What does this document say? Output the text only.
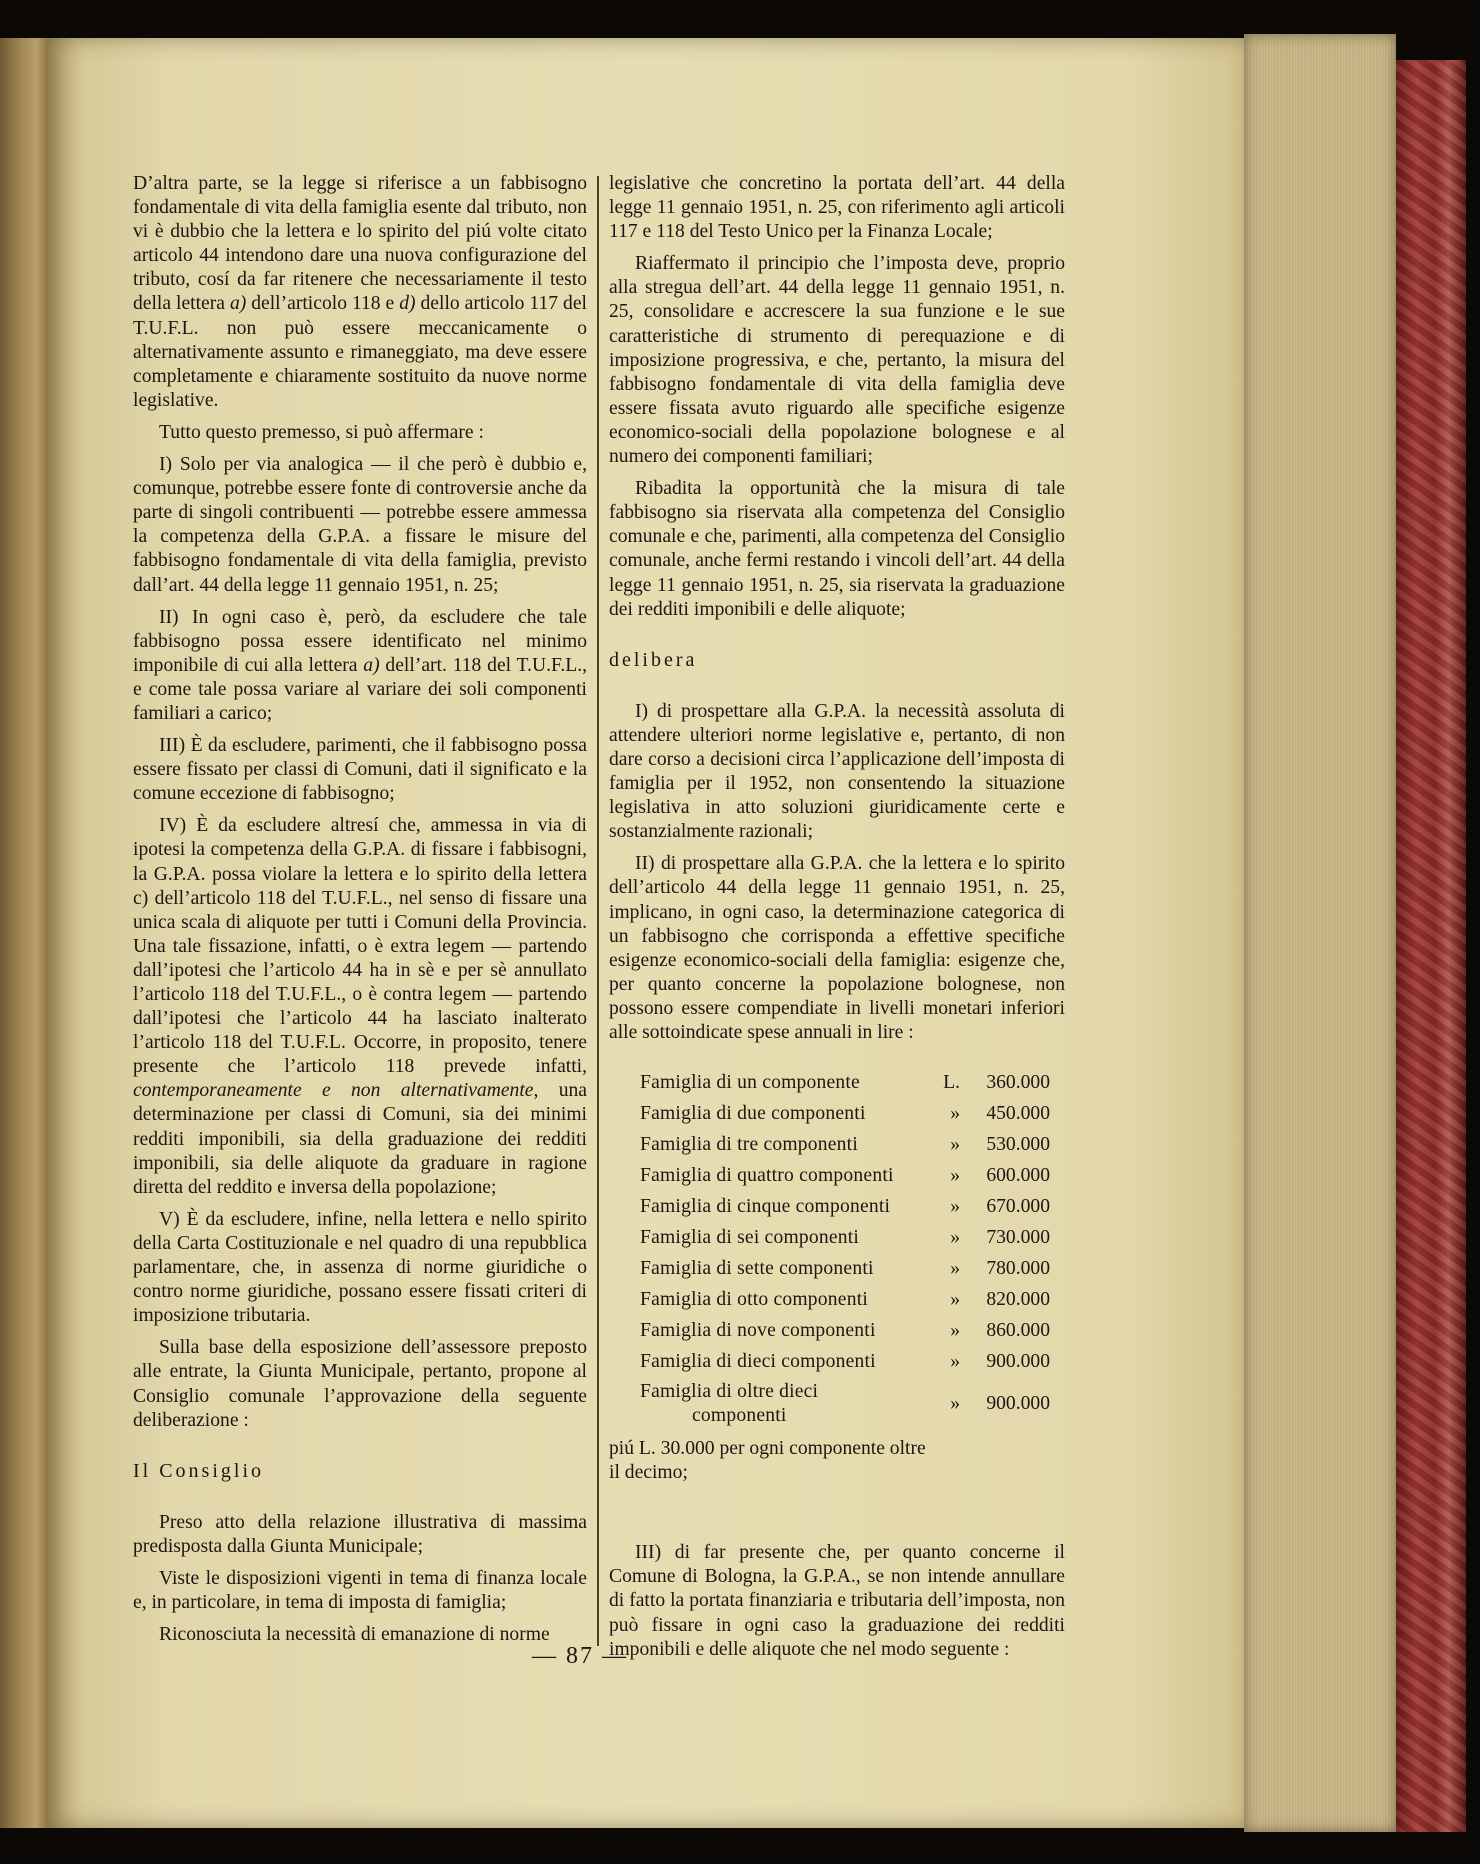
D’altra parte, se la legge si riferisce a un fabbisogno fondamentale di vita della famiglia esente dal tributo, non vi è dubbio che la lettera e lo spirito del piú volte citato articolo 44 intendono dare una nuova configurazione del tributo, cosí da far ritenere che necessariamente il testo della lettera a) dell’articolo 118 e d) dello articolo 117 del T.U.F.L. non può essere meccanicamente o alternativamente assunto e rimaneggiato, ma deve essere completamente e chiaramente sostituito da nuove norme legislative.

Tutto questo premesso, si può affermare :

I) Solo per via analogica — il che però è dubbio e, comunque, potrebbe essere fonte di controversie anche da parte di singoli contribuenti — potrebbe essere ammessa la competenza della G.P.A. a fissare le misure del fabbisogno fondamentale di vita della famiglia, previsto dall’art. 44 della legge 11 gennaio 1951, n. 25;

II) In ogni caso è, però, da escludere che tale fabbisogno possa essere identificato nel minimo imponibile di cui alla lettera a) dell’art. 118 del T.U.F.L., e come tale possa variare al variare dei soli componenti familiari a carico;

III) È da escludere, parimenti, che il fabbisogno possa essere fissato per classi di Comuni, dati il significato e la comune eccezione di fabbisogno;

IV) È da escludere altresí che, ammessa in via di ipotesi la competenza della G.P.A. di fissare i fabbisogni, la G.P.A. possa violare la lettera e lo spirito della lettera c) dell’articolo 118 del T.U.F.L., nel senso di fissare una unica scala di aliquote per tutti i Comuni della Provincia. Una tale fissazione, infatti, o è extra legem — partendo dall’ipotesi che l’articolo 44 ha in sè e per sè annullato l’articolo 118 del T.U.F.L., o è contra legem — partendo dall’ipotesi che l’articolo 44 ha lasciato inalterato l’articolo 118 del T.U.F.L. Occorre, in proposito, tenere presente che l’articolo 118 prevede infatti, contemporaneamente e non alternativamente, una determinazione per classi di Comuni, sia dei minimi redditi imponibili, sia della graduazione dei redditi imponibili, sia delle aliquote da graduare in ragione diretta del reddito e inversa della popolazione;

V) È da escludere, infine, nella lettera e nello spirito della Carta Costituzionale e nel quadro di una repubblica parlamentare, che, in assenza di norme giuridiche o contro norme giuridiche, possano essere fissati criteri di imposizione tributaria.

Sulla base della esposizione dell’assessore preposto alle entrate, la Giunta Municipale, pertanto, propone al Consiglio comunale l’approvazione della seguente deliberazione :

Il Consiglio

Preso atto della relazione illustrativa di massima predisposta dalla Giunta Municipale;

Viste le disposizioni vigenti in tema di finanza locale e, in particolare, in tema di imposta di famiglia;

Riconosciuta la necessità di emanazione di norme

legislative che concretino la portata dell’art. 44 della legge 11 gennaio 1951, n. 25, con riferimento agli articoli 117 e 118 del Testo Unico per la Finanza Locale;

Riaffermato il principio che l’imposta deve, proprio alla stregua dell’art. 44 della legge 11 gennaio 1951, n. 25, consolidare e accrescere la sua funzione e le sue caratteristiche di strumento di perequazione e di imposizione progressiva, e che, pertanto, la misura del fabbisogno fondamentale di vita della famiglia deve essere fissata avuto riguardo alle specifiche esigenze economico-sociali della popolazione bolognese e al numero dei componenti familiari;

Ribadita la opportunità che la misura di tale fabbisogno sia riservata alla competenza del Consiglio comunale e che, parimenti, alla competenza del Consiglio comunale, anche fermi restando i vincoli dell’art. 44 della legge 11 gennaio 1951, n. 25, sia riservata la graduazione dei redditi imponibili e delle aliquote;

delibera

I) di prospettare alla G.P.A. la necessità assoluta di attendere ulteriori norme legislative e, pertanto, di non dare corso a decisioni circa l’applicazione dell’imposta di famiglia per il 1952, non consentendo la situazione legislativa in atto soluzioni giuridicamente certe e sostanzialmente razionali;

II) di prospettare alla G.P.A. che la lettera e lo spirito dell’articolo 44 della legge 11 gennaio 1951, n. 25, implicano, in ogni caso, la determinazione categorica di un fabbisogno che corrisponda a effettive specifiche esigenze economico-sociali della famiglia: esigenze che, per quanto concerne la popolazione bolognese, non possono essere compendiate in livelli monetari inferiori alle sottoindicate spese annuali in lire :

Famiglia di un componente	L.	360.000
Famiglia di due componenti	»	450.000
Famiglia di tre componenti	»	530.000
Famiglia di quattro componenti	»	600.000
Famiglia di cinque componenti	»	670.000
Famiglia di sei componenti	»	730.000
Famiglia di sette componenti	»	780.000
Famiglia di otto componenti	»	820.000
Famiglia di nove componenti	»	860.000
Famiglia di dieci componenti	»	900.000
Famiglia di oltre dieci
componenti	»	900.000

piú L. 30.000 per ogni componente oltre il decimo;

III) di far presente che, per quanto concerne il Comune di Bologna, la G.P.A., se non intende annullare di fatto la portata finanziaria e tributaria dell’imposta, non può fissare in ogni caso la graduazione dei redditi imponibili e delle aliquote che nel modo seguente :

— 87 —
